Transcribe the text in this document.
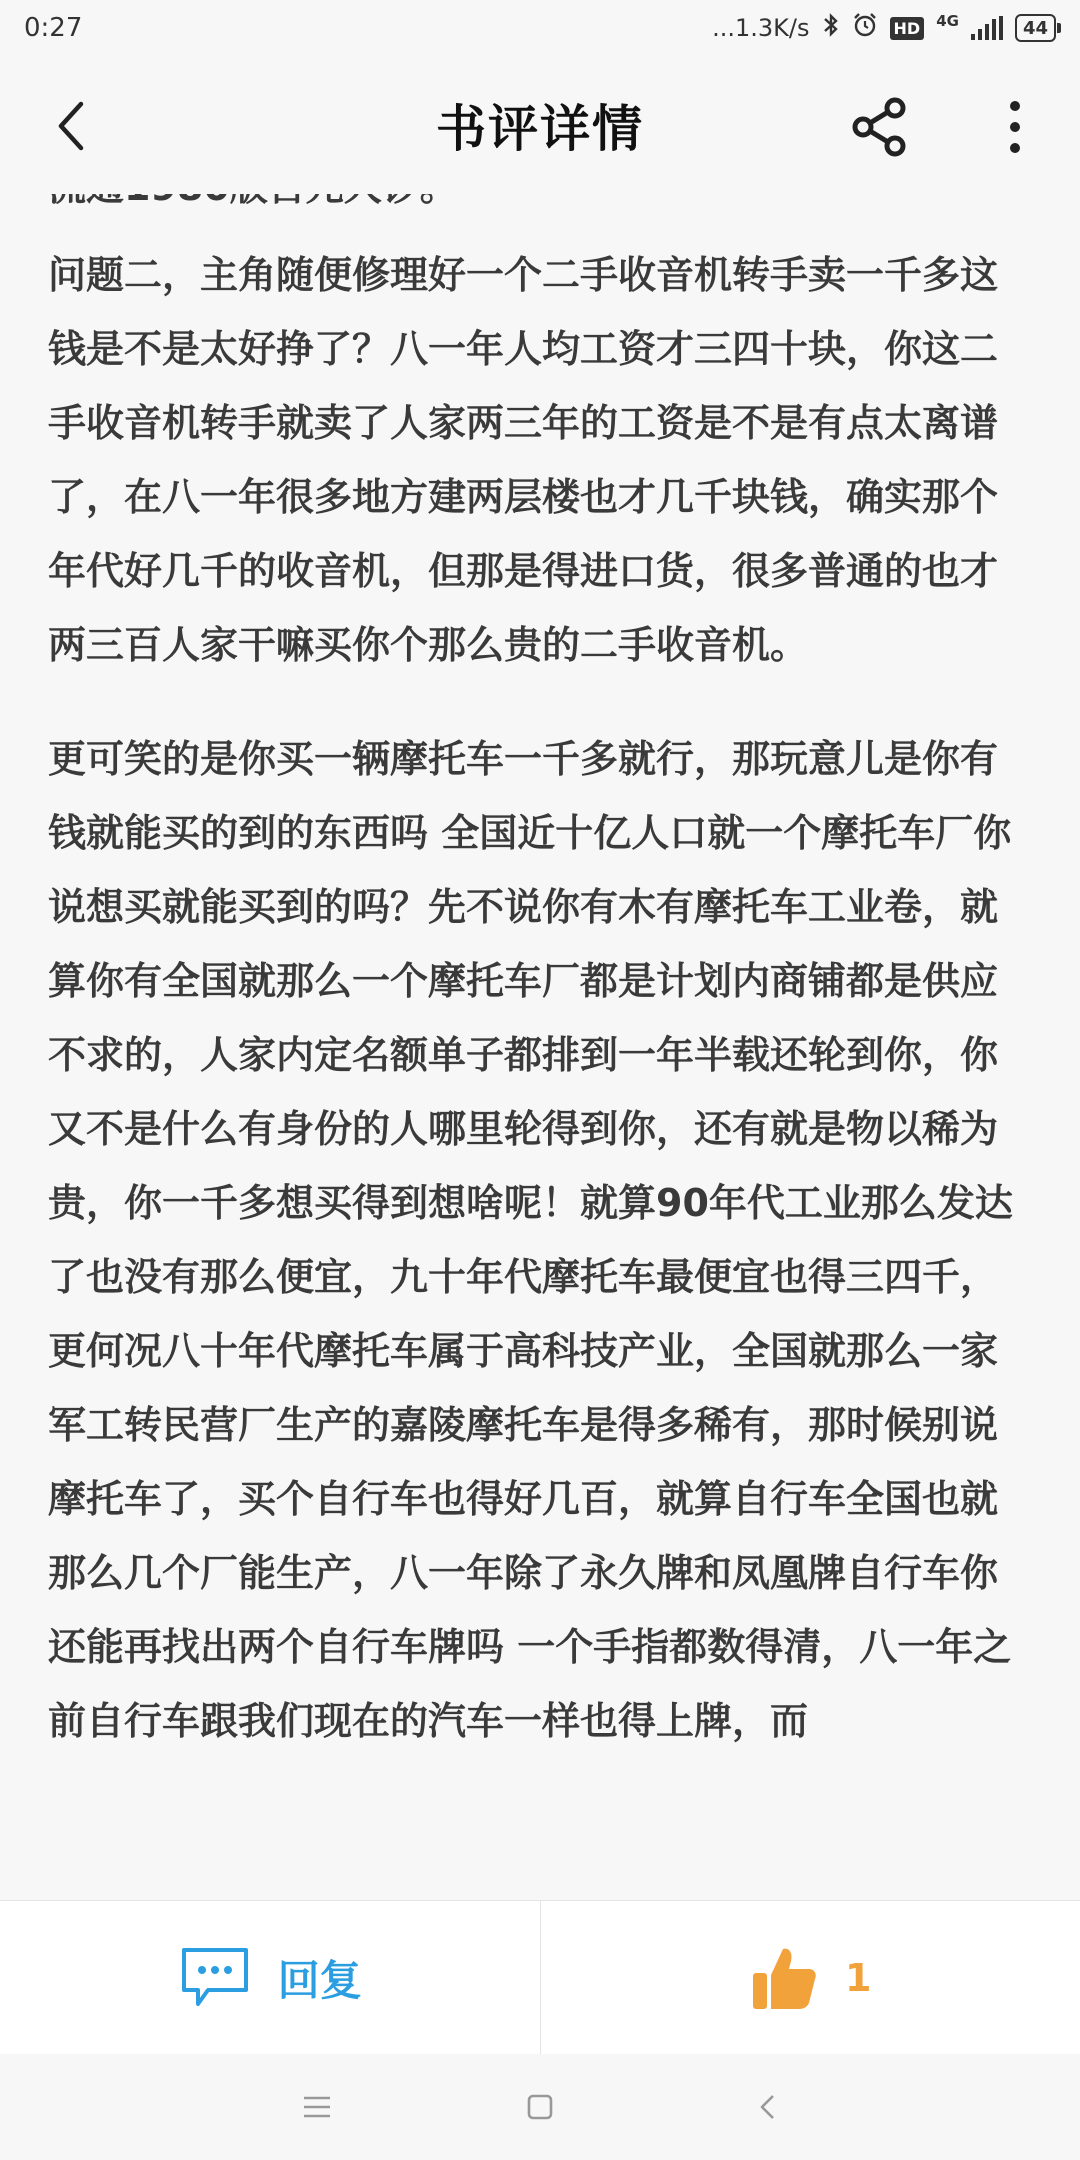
0:27	...1.3K/s	HD 4G	44
书评详情

问题二，主角随便修理好一个二手收音机转手卖一千多这钱是不是太好挣了？八一年人均工资才三四十块，你这二手收音机转手就卖了人家两三年的工资是不是有点太离谱了，在八一年很多地方建两层楼也才几千块钱，确实那个年代好几千的收音机，但那是得进口货，很多普通的也才两三百人家干嘛买你个那么贵的二手收音机。

更可笑的是你买一辆摩托车一千多就行，那玩意儿是你有钱就能买的到的东西吗 全国近十亿人口就一个摩托车厂你说想买就能买到的吗？先不说你有木有摩托车工业卷，就算你有全国就那么一个摩托车厂都是计划内商铺都是供应不求的，人家内定名额单子都排到一年半载还轮到你，你又不是什么有身份的人哪里轮得到你，还有就是物以稀为贵，你一千多想买得到想啥呢！就算90年代工业那么发达了也没有那么便宜，九十年代摩托车最便宜也得三四千，更何况八十年代摩托车属于高科技产业，全国就那么一家军工转民营厂生产的嘉陵摩托车是得多稀有，那时候别说摩托车了，买个自行车也得好几百，就算自行车全国也就那么几个厂能生产，八一年除了永久牌和凤凰牌自行车你还能再找出两个自行车牌吗 一个手指都数得清，八一年之前自行车跟我们现在的汽车一样也得上牌，而

回复	1
